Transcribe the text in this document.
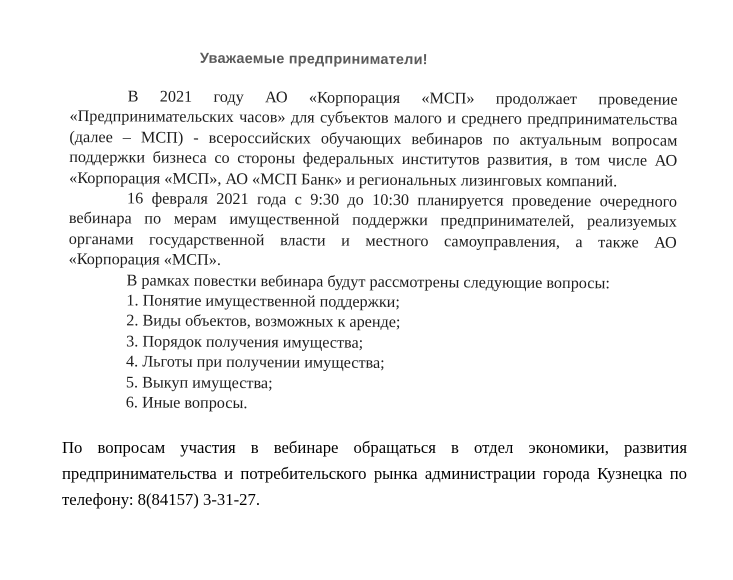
Уважаемые предприниматели!

В 2021 году АО «Корпорация «МСП» продолжает проведение «Предпринимательских часов» для субъектов малого и среднего предпринимательства (далее – МСП) - всероссийских обучающих вебинаров по актуальным вопросам поддержки бизнеса со стороны федеральных институтов развития, в том числе АО «Корпорация «МСП», АО «МСП Банк» и региональных лизинговых компаний.

16 февраля 2021 года с 9:30 до 10:30 планируется проведение очередного вебинара по мерам имущественной поддержки предпринимателей, реализуемых органами государственной власти и местного самоуправления, а также АО «Корпорация «МСП».

В рамках повестки вебинара будут рассмотрены следующие вопросы:

1. Понятие имущественной поддержки;
2. Виды объектов, возможных к аренде;
3. Порядок получения имущества;
4. Льготы при получении имущества;
5. Выкуп имущества;
6. Иные вопросы.
По вопросам участия в вебинаре обращаться в отдел экономики, развития предпринимательства и потребительского рынка администрации города Кузнецка по телефону: 8(84157) 3-31-27.
